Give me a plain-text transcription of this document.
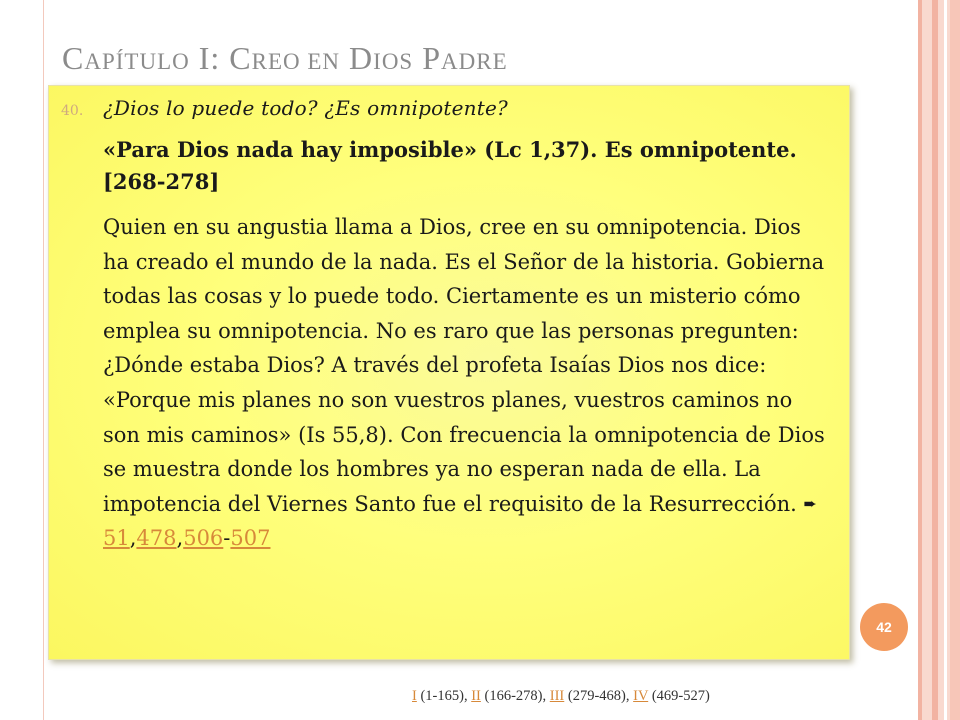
CAPÍTULO I: CREO EN DIOS PADRE
40. ¿Dios lo puede todo? ¿Es omnipotente?
«Para Dios nada hay imposible» (Lc 1,37). Es omnipotente. [268-278]
Quien en su angustia llama a Dios, cree en su omnipotencia. Dios ha creado el mundo de la nada. Es el Señor de la historia. Gobierna todas las cosas y lo puede todo. Ciertamente es un misterio cómo emplea su omnipotencia. No es raro que las personas pregunten: ¿Dónde estaba Dios? A través del profeta Isaías Dios nos dice: «Porque mis planes no son vuestros planes, vuestros caminos no son mis caminos» (Is 55,8). Con frecuencia la omnipotencia de Dios se muestra donde los hombres ya no esperan nada de ella. La impotencia del Viernes Santo fue el requisito de la Resurrección. ➨51,478,506-507
42
I (1-165), II (166-278), III (279-468), IV (469-527)
